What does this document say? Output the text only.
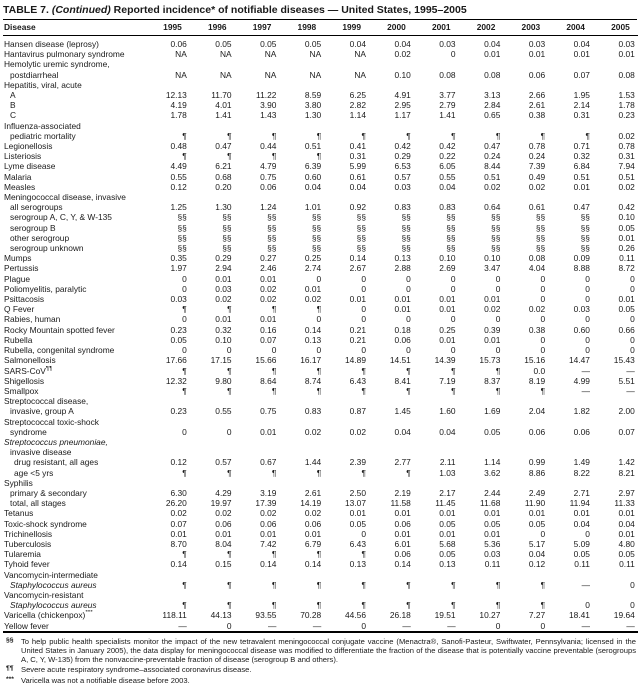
TABLE 7. (Continued) Reported incidence* of notifiable diseases — United States, 1995–2005
Disease	1995	1996	1997	1998	1999	2000	2001	2002	2003	2004	2005
Hansen disease (leprosy)	0.06	0.05	0.05	0.05	0.04	0.04	0.03	0.04	0.03	0.04	0.03
Hantavirus pulmonary syndrome	NA	NA	NA	NA	NA	0.02	0	0.01	0.01	0.01	0.01
Hemolytic uremic syndrome,											
postdiarrheal	NA	NA	NA	NA	NA	0.10	0.08	0.08	0.06	0.07	0.08
Hepatitis, viral, acute											
A	12.13	11.70	11.22	8.59	6.25	4.91	3.77	3.13	2.66	1.95	1.53
B	4.19	4.01	3.90	3.80	2.82	2.95	2.79	2.84	2.61	2.14	1.78
C	1.78	1.41	1.43	1.30	1.14	1.17	1.41	0.65	0.38	0.31	0.23
Influenza-associated											
pediatric mortality	¶	¶	¶	¶	¶	¶	¶	¶	¶	¶	0.02
Legionellosis	0.48	0.47	0.44	0.51	0.41	0.42	0.42	0.47	0.78	0.71	0.78
Listeriosis	¶	¶	¶	¶	0.31	0.29	0.22	0.24	0.24	0.32	0.31
Lyme disease	4.49	6.21	4.79	6.39	5.99	6.53	6.05	8.44	7.39	6.84	7.94
Malaria	0.55	0.68	0.75	0.60	0.61	0.57	0.55	0.51	0.49	0.51	0.51
Measles	0.12	0.20	0.06	0.04	0.04	0.03	0.04	0.02	0.02	0.01	0.02
Meningococcal disease, invasive											
all serogroups	1.25	1.30	1.24	1.01	0.92	0.83	0.83	0.64	0.61	0.47	0.42
serogroup A, C, Y, & W-135	§§	§§	§§	§§	§§	§§	§§	§§	§§	§§	0.10
serogroup B	§§	§§	§§	§§	§§	§§	§§	§§	§§	§§	0.05
other serogroup	§§	§§	§§	§§	§§	§§	§§	§§	§§	§§	0.01
serogroup unknown	§§	§§	§§	§§	§§	§§	§§	§§	§§	§§	0.26
Mumps	0.35	0.29	0.27	0.25	0.14	0.13	0.10	0.10	0.08	0.09	0.11
Pertussis	1.97	2.94	2.46	2.74	2.67	2.88	2.69	3.47	4.04	8.88	8.72
Plague	0	0.01	0.01	0	0	0	0	0	0	0	0
Poliomyelitis, paralytic	0	0.03	0.02	0.01	0	0	0	0	0	0	0
Psittacosis	0.03	0.02	0.02	0.02	0.01	0.01	0.01	0.01	0	0	0.01
Q Fever	¶	¶	¶	¶	0	0.01	0.01	0.02	0.02	0.03	0.05
Rabies, human	0	0.01	0.01	0	0	0	0	0	0	0	0
Rocky Mountain spotted fever	0.23	0.32	0.16	0.14	0.21	0.18	0.25	0.39	0.38	0.60	0.66
Rubella	0.05	0.10	0.07	0.13	0.21	0.06	0.01	0.01	0	0	0
Rubella, congenital syndrome	0	0	0	0	0	0	0	0	0	0	0
Salmonellosis	17.66	17.15	15.66	16.17	14.89	14.51	14.39	15.73	15.16	14.47	15.43
SARS-CoV¶¶	¶	¶	¶	¶	¶	¶	¶	¶	0.0	—	—
Shigellosis	12.32	9.80	8.64	8.74	6.43	8.41	7.19	8.37	8.19	4.99	5.51
Smallpox	¶	¶	¶	¶	¶	¶	¶	¶	¶	—	—
Streptococcal disease,											
invasive, group A	0.23	0.55	0.75	0.83	0.87	1.45	1.60	1.69	2.04	1.82	2.00
Streptococcal toxic-shock											
syndrome	0	0	0.01	0.02	0.02	0.04	0.04	0.05	0.06	0.06	0.07
Streptococcus pneumoniae,											
invasive disease											
drug resistant, all ages	0.12	0.57	0.67	1.44	2.39	2.77	2.11	1.14	0.99	1.49	1.42
age <5 yrs	¶	¶	¶	¶	¶	¶	1.03	3.62	8.86	8.22	8.21
Syphilis											
primary & secondary	6.30	4.29	3.19	2.61	2.50	2.19	2.17	2.44	2.49	2.71	2.97
total, all stages	26.20	19.97	17.39	14.19	13.07	11.58	11.45	11.68	11.90	11.94	11.33
Tetanus	0.02	0.02	0.02	0.02	0.01	0.01	0.01	0.01	0.01	0.01	0.01
Toxic-shock syndrome	0.07	0.06	0.06	0.06	0.05	0.06	0.05	0.05	0.05	0.04	0.04
Trichinellosis	0.01	0.01	0.01	0.01	0	0.01	0.01	0.01	0	0	0.01
Tuberculosis	8.70	8.04	7.42	6.79	6.43	6.01	5.68	5.36	5.17	5.09	4.80
Tularemia	¶	¶	¶	¶	¶	0.06	0.05	0.03	0.04	0.05	0.05
Tyhoid fever	0.14	0.15	0.14	0.14	0.13	0.14	0.13	0.11	0.12	0.11	0.11
Vancomycin-intermediate											
Staphylococcus aureus	¶	¶	¶	¶	¶	¶	¶	¶	¶	—	0
Vancomycin-resistant											
Staphylococcus aureus	¶	¶	¶	¶	¶	¶	¶	¶	¶	0	0
Varicella (chickenpox)***	118.11	44.13	93.55	70.28	44.56	26.18	19.51	10.27	7.27	18.41	19.64
Yellow fever	—	0	—	—	0	—	—	0	0	—	—
§§ To help public health specialists monitor the impact of the new tetravalent meningococcal conjugate vaccine (Menactra®, Sanofi-Pasteur, Swiftwater, Pennsylvania; licensed in the United States in January 2005), the data display for meningococcal disease was modified to differentiate the fraction of the disease that is potentially vaccine preventable (serogroups A, C, Y, W-135) from the nonvaccine-preventable fraction of disease (serogroup B and others).
¶¶ Severe acute respiratory syndrome–associated coronavirus disease.
*** Varicella was not a notifiable disease before 2003.
